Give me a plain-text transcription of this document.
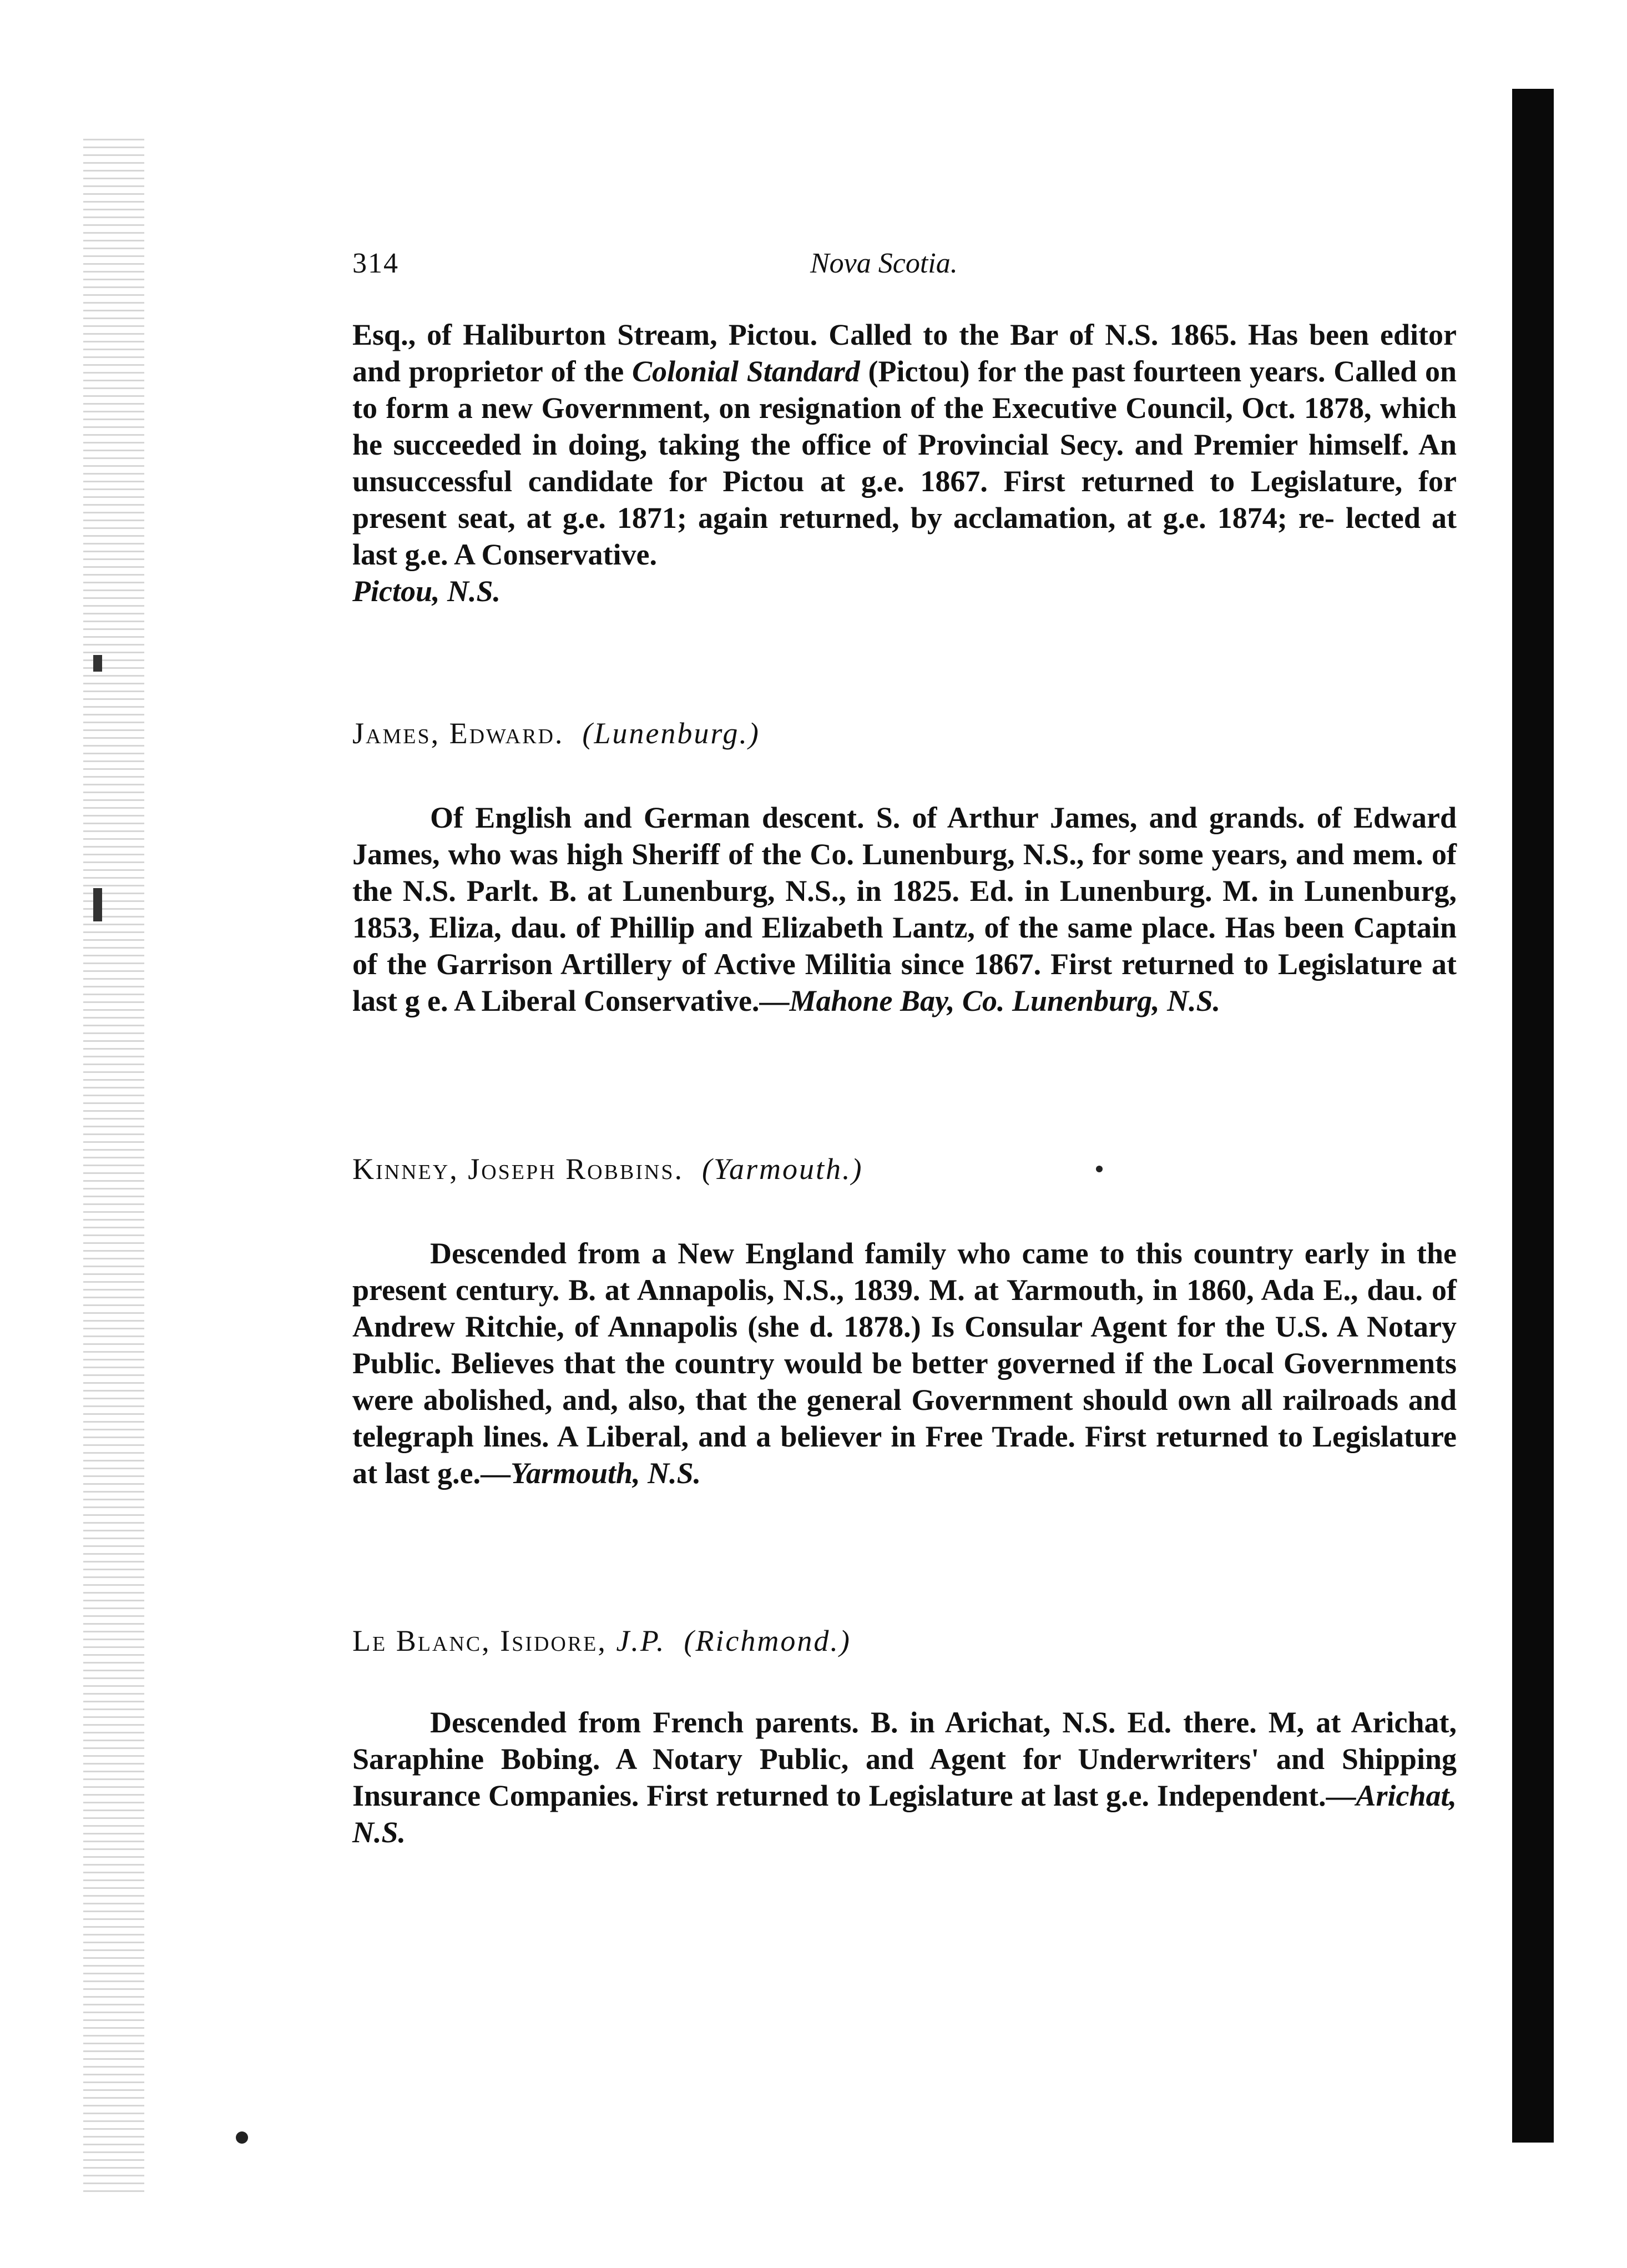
314	Nova Scotia.

Esq., of Haliburton Stream, Pictou. Called to the Bar of N.S. 1865. Has been editor and proprietor of the Colonial Standard (Pictou) for the past fourteen years. Called on to form a new Government, on resignation of the Executive Council, Oct. 1878, which he succeeded in doing, taking the office of Provincial Secy. and Premier himself. An unsuccessful candidate for Pictou at g.e. 1867. First returned to Legislature, for present seat, at g.e. 1871; again returned, by acclamation, at g.e. 1874; re- lected at last g.e. A Conservative.
Pictou, N.S.

James, Edward. (Lunenburg.)

Of English and German descent. S. of Arthur James, and grands. of Edward James, who was high Sheriff of the Co. Lunenburg, N.S., for some years, and mem. of the N.S. Parlt. B. at Lunenburg, N.S., in 1825. Ed. in Lunenburg. M. in Lunenburg, 1853, Eliza, dau. of Phillip and Elizabeth Lantz, of the same place. Has been Captain of the Garrison Artillery of Active Militia since 1867. First returned to Legislature at last g e. A Liberal Conservative.—Mahone Bay, Co. Lunenburg, N.S.

Kinney, Joseph Robbins. (Yarmouth.)

Descended from a New England family who came to this country early in the present century. B. at Annapolis, N.S., 1839. M. at Yarmouth, in 1860, Ada E., dau. of Andrew Ritchie, of Annapolis (she d. 1878.) Is Consular Agent for the U.S. A Notary Public. Believes that the country would be better governed if the Local Governments were abolished, and, also, that the general Government should own all railroads and telegraph lines. A Liberal, and a believer in Free Trade. First returned to Legislature at last g.e.—Yarmouth, N.S.

Le Blanc, Isidore, J.P. (Richmond.)

Descended from French parents. B. in Arichat, N.S. Ed. there. M, at Arichat, Saraphine Bobing. A Notary Public, and Agent for Underwriters' and Shipping Insurance Companies. First returned to Legislature at last g.e. Independent.—Arichat, N.S.
